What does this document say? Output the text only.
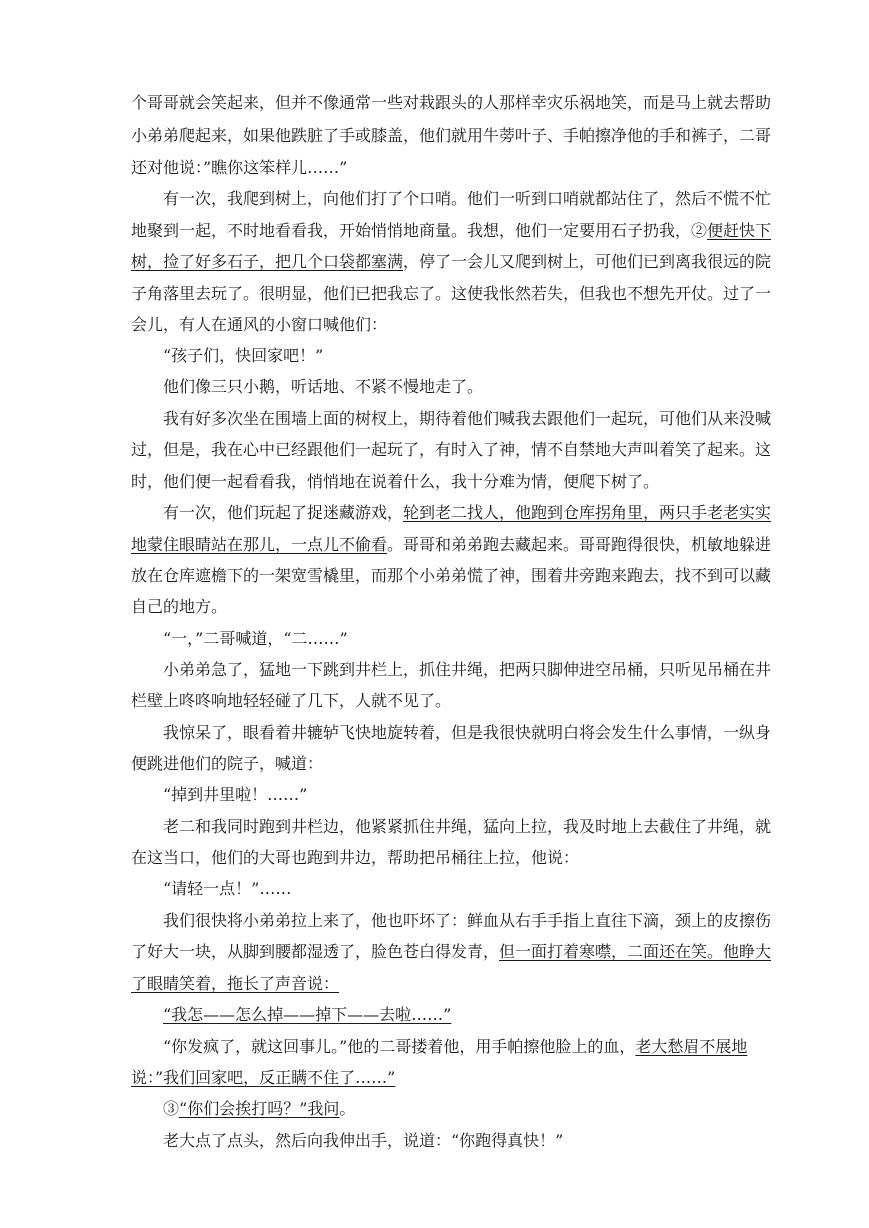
个哥哥就会笑起来，但并不像通常一些对栽跟头的人那样幸灾乐祸地笑，而是马上就去帮助
小弟弟爬起来，如果他跌脏了手或膝盖，他们就用牛蒡叶子、手帕擦净他的手和裤子，二哥
还对他说：”瞧你这笨样儿……”
有一次，我爬到树上，向他们打了个口哨。他们一听到口哨就都站住了，然后不慌不忙
地聚到一起，不时地看看我，开始悄悄地商量。我想，他们一定要用石子扔我，②便赶快下
树，捡了好多石子，把几个口袋都塞满，停了一会儿又爬到树上，可他们已到离我很远的院
子角落里去玩了。很明显，他们已把我忘了。这使我怅然若失，但我也不想先开仗。过了一
会儿，有人在通风的小窗口喊他们：
“孩子们，快回家吧！”
他们像三只小鹅，听话地、不紧不慢地走了。
我有好多次坐在围墙上面的树杈上，期待着他们喊我去跟他们一起玩，可他们从来没喊
过，但是，我在心中已经跟他们一起玩了，有时入了神，情不自禁地大声叫着笑了起来。这
时，他们便一起看看我，悄悄地在说着什么，我十分难为情，便爬下树了。
有一次，他们玩起了捉迷藏游戏，轮到老二找人，他跑到仓库拐角里，两只手老老实实
地蒙住眼睛站在那儿，一点儿不偷看。哥哥和弟弟跑去藏起来。哥哥跑得很快，机敏地躲进
放在仓库遮檐下的一架宽雪橇里，而那个小弟弟慌了神，围着井旁跑来跑去，找不到可以藏
自己的地方。
“一，”二哥喊道，“二……”
小弟弟急了，猛地一下跳到井栏上，抓住井绳，把两只脚伸进空吊桶，只听见吊桶在井
栏壁上咚咚响地轻轻碰了几下，人就不见了。
我惊呆了，眼看着井辘轳飞快地旋转着，但是我很快就明白将会发生什么事情，一纵身
便跳进他们的院子，喊道：
“掉到井里啦！……”
老二和我同时跑到井栏边，他紧紧抓住井绳，猛向上拉，我及时地上去截住了井绳，就
在这当口，他们的大哥也跑到井边，帮助把吊桶往上拉，他说：
“请轻一点！”……
我们很快将小弟弟拉上来了，他也吓坏了：鲜血从右手手指上直往下滴，颈上的皮擦伤
了好大一块，从脚到腰都湿透了，脸色苍白得发青，但一面打着寒噤，二面还在笑。他睁大
了眼睛笑着，拖长了声音说：
“我怎——怎么掉——掉下——去啦……”
“你发疯了，就这回事儿。”他的二哥搂着他，用手帕擦他脸上的血，老大愁眉不展地
说：”我们回家吧，反正瞒不住了……”
③“你们会挨打吗？”我问。
老大点了点头，然后向我伸出手，说道：“你跑得真快！”
